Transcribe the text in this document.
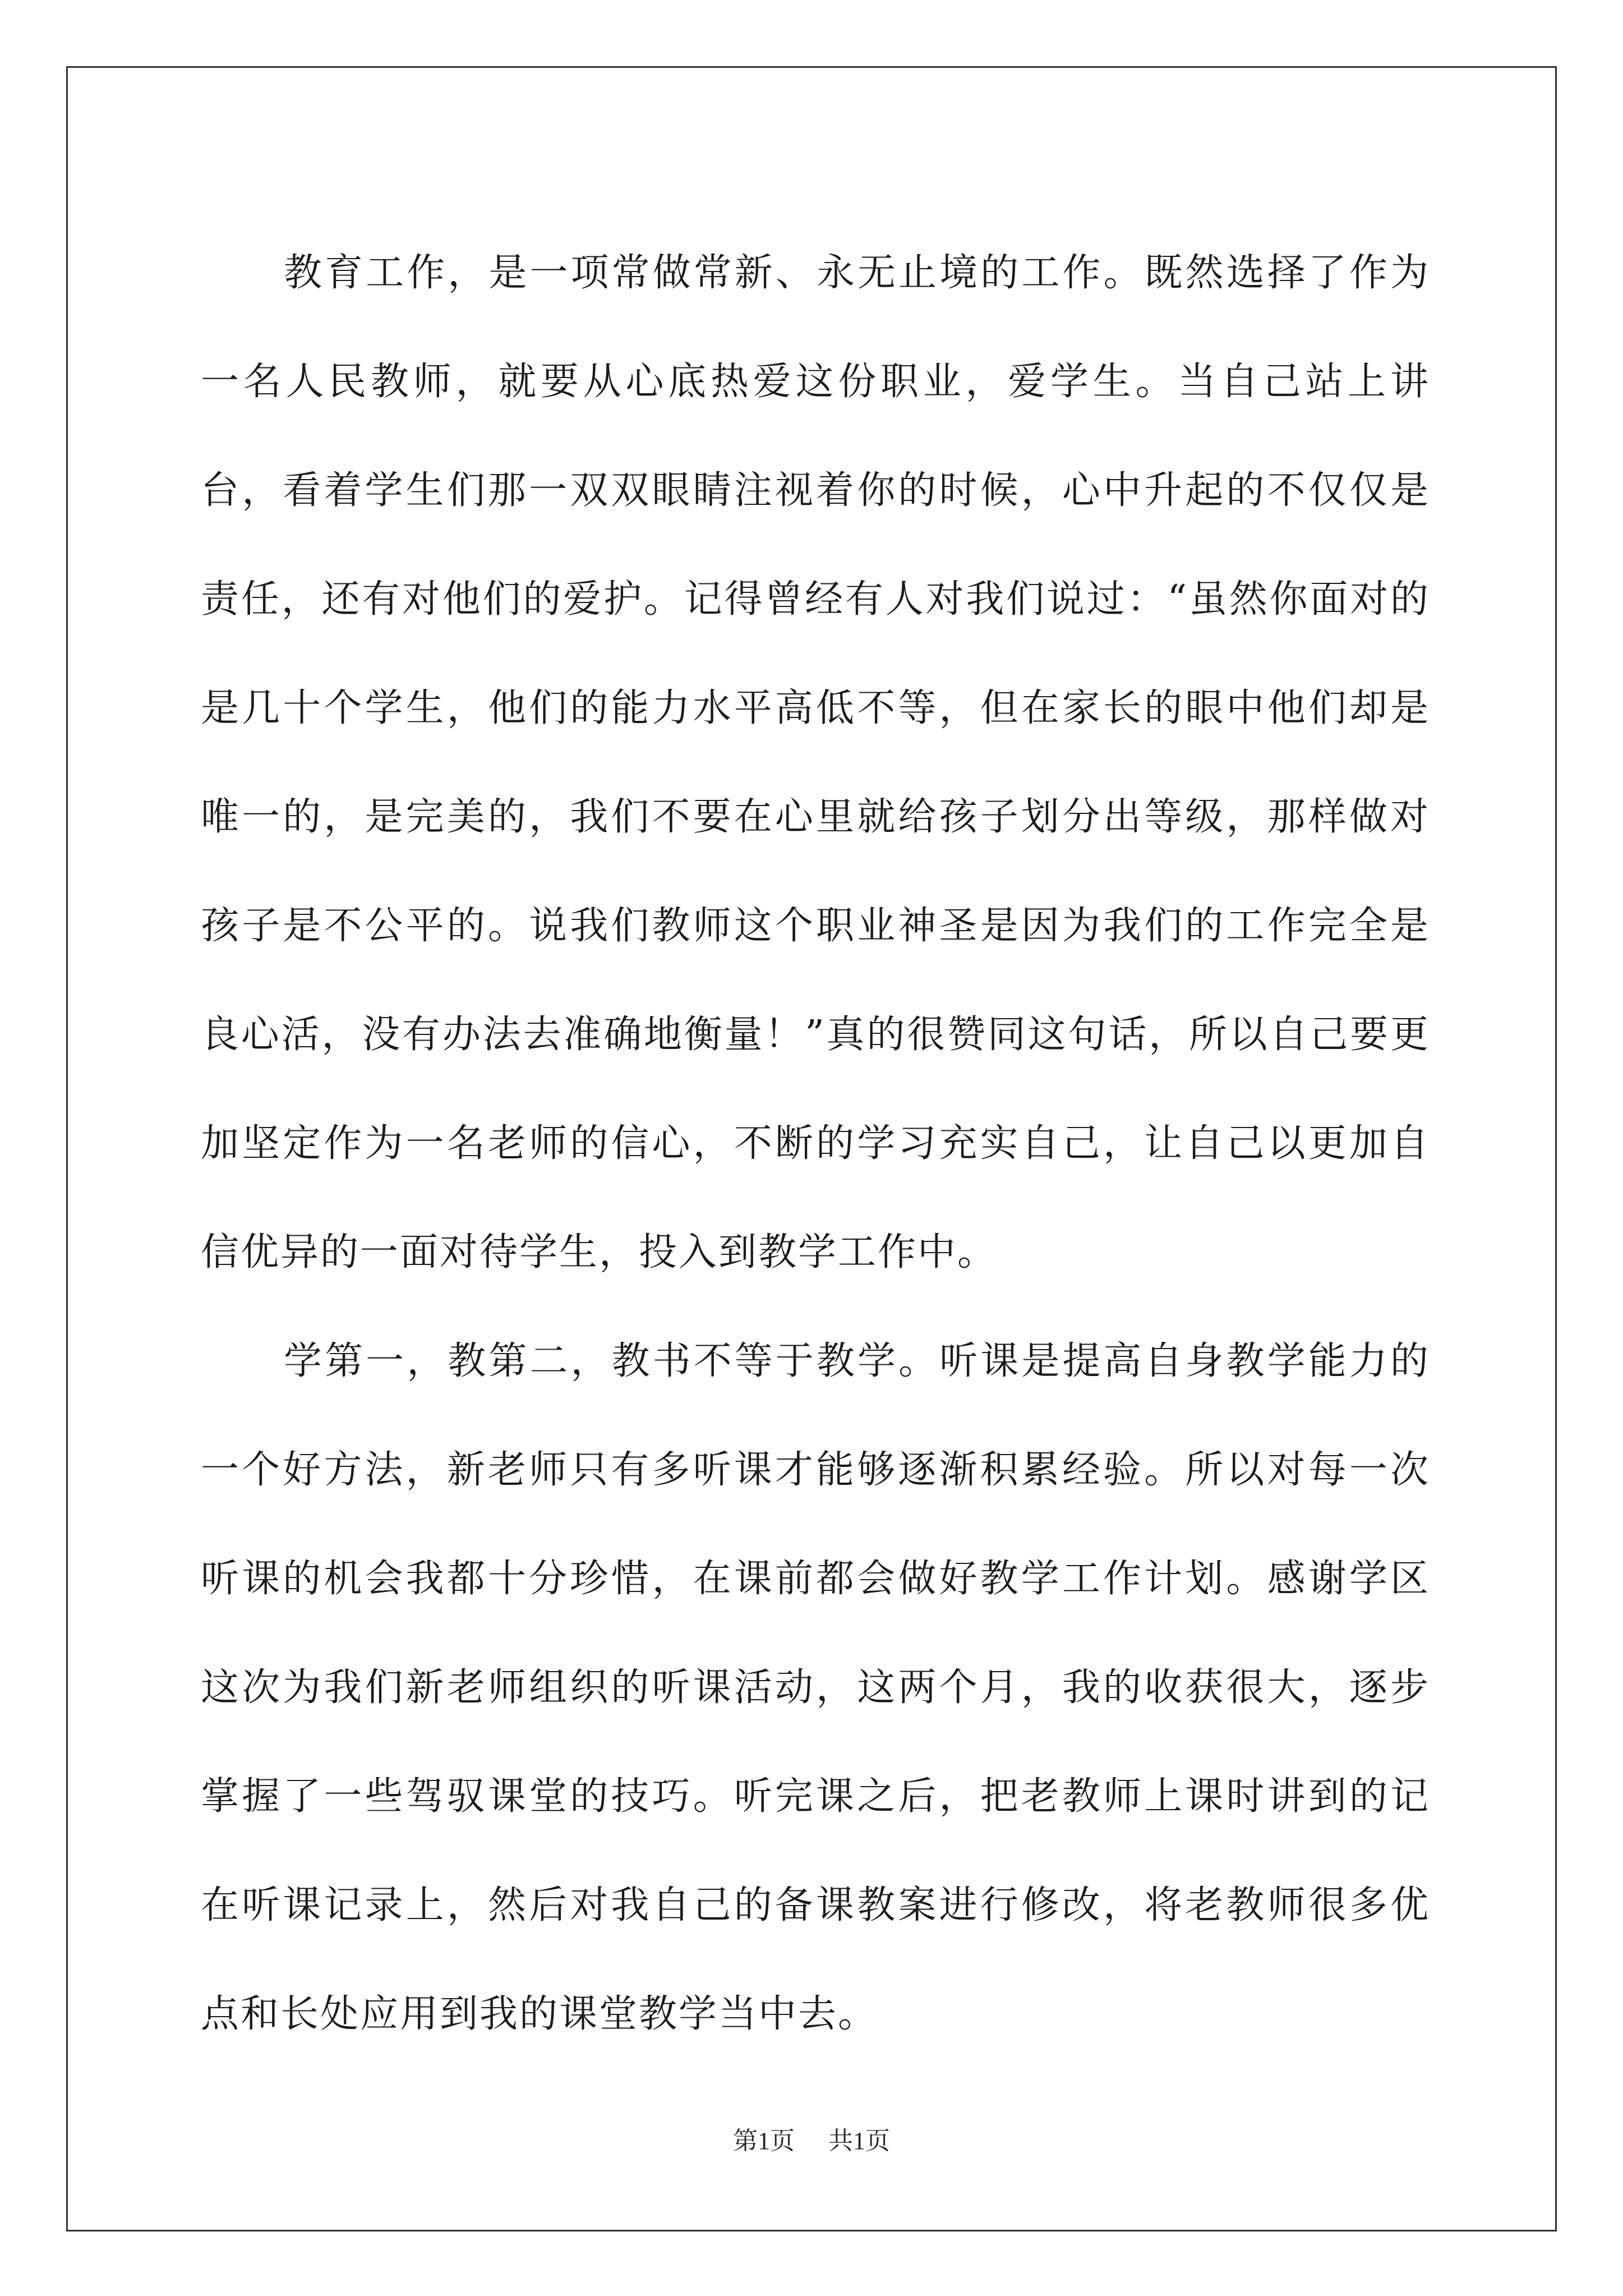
教育工作，是一项常做常新、永无止境的工作。既然选择了作为一名人民教师，就要从心底热爱这份职业，爱学生。当自己站上讲台，看着学生们那一双双眼睛注视着你的时候，心中升起的不仅仅是责任，还有对他们的爱护。记得曾经有人对我们说过：“虽然你面对的是几十个学生，他们的能力水平高低不等，但在家长的眼中他们却是唯一的，是完美的，我们不要在心里就给孩子划分出等级，那样做对孩子是不公平的。说我们教师这个职业神圣是因为我们的工作完全是良心活，没有办法去准确地衡量！”真的很赞同这句话，所以自己要更加坚定作为一名老师的信心，不断的学习充实自己，让自己以更加自信优异的一面对待学生，投入到教学工作中。

学第一，教第二，教书不等于教学。听课是提高自身教学能力的一个好方法，新老师只有多听课才能够逐渐积累经验。所以对每一次听课的机会我都十分珍惜，在课前都会做好教学工作计划。感谢学区这次为我们新老师组织的听课活动，这两个月，我的收获很大，逐步掌握了一些驾驭课堂的技巧。听完课之后，把老教师上课时讲到的记在听课记录上，然后对我自己的备课教案进行修改，将老教师很多优点和长处应用到我的课堂教学当中去。

第1页 共1页
